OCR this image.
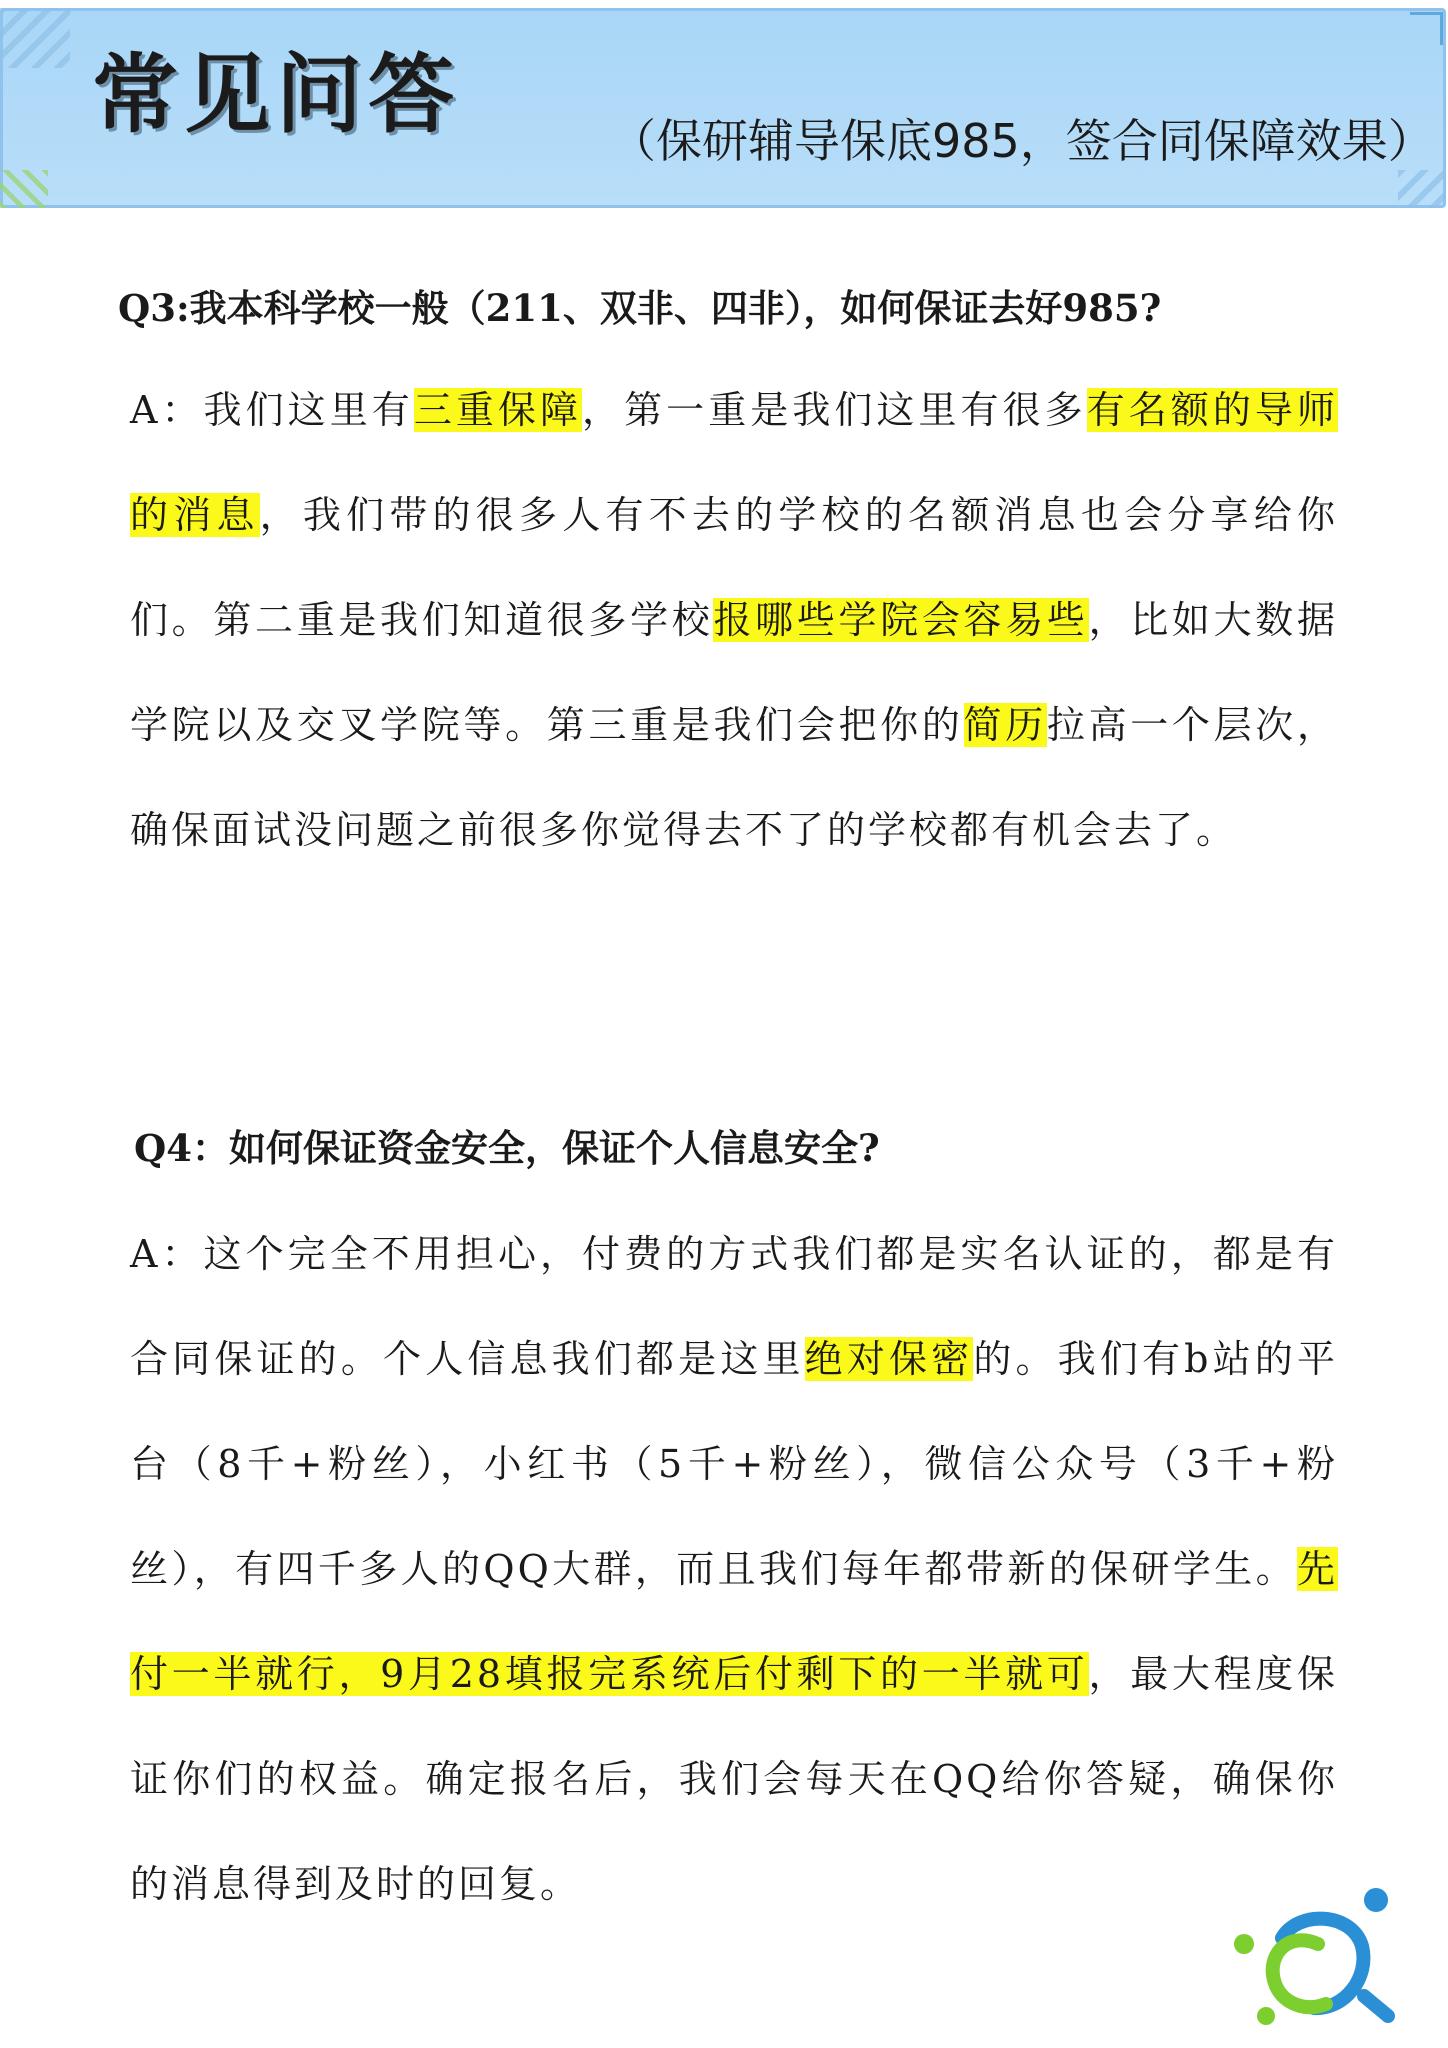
常见问答	（保研辅导保底985，签合同保障效果）
Q3:我本科学校一般（211、双非、四非），如何保证去好985?
A：我们这里有三重保障，第一重是我们这里有很多有名额的导师的消息，我们带的很多人有不去的学校的名额消息也会分享给你们。第二重是我们知道很多学校报哪些学院会容易些，比如大数据学院以及交叉学院等。第三重是我们会把你的简历拉高一个层次，确保面试没问题之前很多你觉得去不了的学校都有机会去了。
Q4：如何保证资金安全，保证个人信息安全?
A：这个完全不用担心，付费的方式我们都是实名认证的，都是有合同保证的。个人信息我们都是这里绝对保密的。我们有b站的平台（8千+粉丝），小红书（5千+粉丝），微信公众号（3千+粉丝），有四千多人的QQ大群，而且我们每年都带新的保研学生。先付一半就行，9月28填报完系统后付剩下的一半就可，最大程度保证你们的权益。确定报名后，我们会每天在QQ给你答疑，确保你的消息得到及时的回复。
